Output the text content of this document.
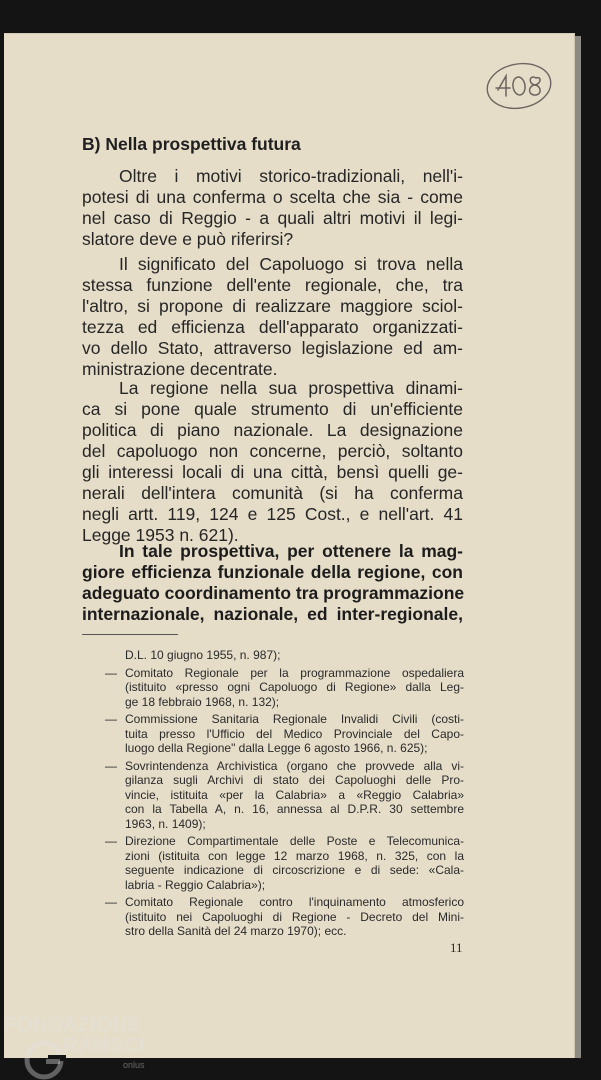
B) Nella prospettiva futura

Oltre i motivi storico-tradizionali, nell'i-
potesi di una conferma o scelta che sia - come
nel caso di Reggio - a quali altri motivi il legi-
slatore deve e può riferirsi?

Il significato del Capoluogo si trova nella
stessa funzione dell'ente regionale, che, tra
l'altro, si propone di realizzare maggiore sciol-
tezza ed efficienza dell'apparato organizzati-
vo dello Stato, attraverso legislazione ed am-
ministrazione decentrate.

La regione nella sua prospettiva dinami-
ca si pone quale strumento di un'efficiente
politica di piano nazionale. La designazione
del capoluogo non concerne, perciò, soltanto
gli interessi locali di una città, bensì quelli ge-
nerali dell'intera comunità (si ha conferma
negli artt. 119, 124 e 125 Cost., e nell'art. 41
Legge 1953 n. 621).

In tale prospettiva, per ottenere la mag-
giore efficienza funzionale della regione, con
adeguato coordinamento tra programmazione
internazionale, nazionale, ed inter-regionale,

D.L. 10 giugno 1955, n. 987);
— Comitato Regionale per la programmazione ospedaliera
(istituito «presso ogni Capoluogo di Regione» dalla Leg-
ge 18 febbraio 1968, n. 132);
— Commissione Sanitaria Regionale Invalidi Civili (costi-
tuita presso l'Ufficio del Medico Provinciale del Capo-
luogo della Regione" dalla Legge 6 agosto 1966, n. 625);
— Sovrintendenza Archivistica (organo che provvede alla vi-
gilanza sugli Archivi di stato dei Capoluoghi delle Pro-
vincie, istituita «per la Calabria» a «Reggio Calabria»
con la Tabella A, n. 16, annessa al D.P.R. 30 settembre
1963, n. 1409);
— Direzione Compartimentale delle Poste e Telecomunica-
zioni (istituita con legge 12 marzo 1968, n. 325, con la
seguente indicazione di circoscrizione e di sede: «Cala-
labria - Reggio Calabria»);
— Comitato Regionale contro l'inquinamento atmosferico
(istituito nei Capoluoghi di Regione - Decreto del Mini-
stro della Sanità del 24 marzo 1970); ecc.
11
FONDAZIONE
RAMSCI
onlus
